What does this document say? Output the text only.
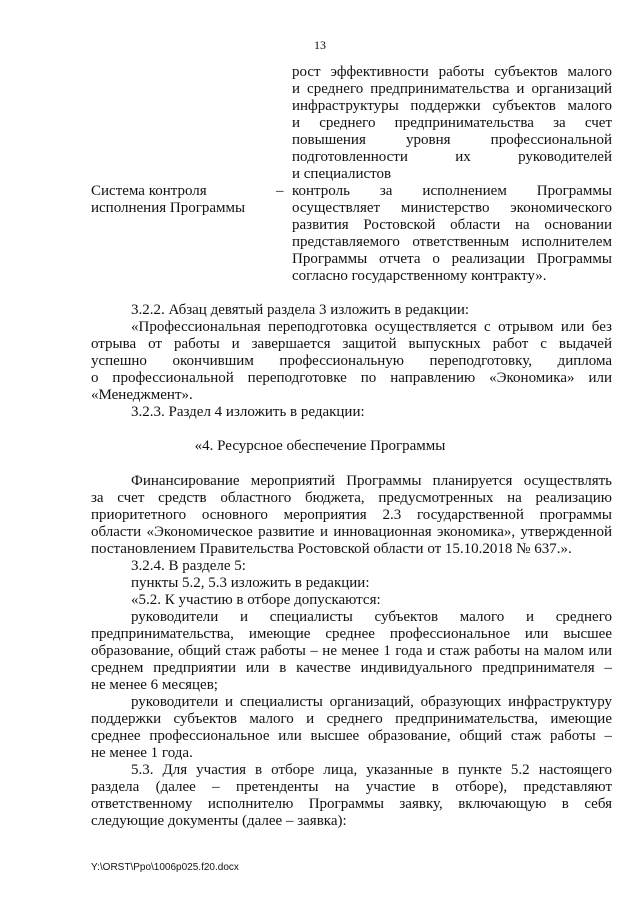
13
рост эффективности работы субъектов малого
и среднего предпринимательства и организаций
инфраструктуры поддержки субъектов малого
и среднего предпринимательства за счет
повышения уровня профессиональной
подготовленности их руководителей
и специалистов
Система контроля
исполнения Программы
– контроль за исполнением Программы
осуществляет министерство экономического
развития Ростовской области на основании
представляемого ответственным исполнителем
Программы отчета о реализации Программы
согласно государственному контракту».
3.2.2. Абзац девятый раздела 3 изложить в редакции:
«Профессиональная переподготовка осуществляется с отрывом или без
отрыва от работы и завершается защитой выпускных работ с выдачей
успешно окончившим профессиональную переподготовку, диплома
о профессиональной переподготовке по направлению «Экономика» или
«Менеджмент».
3.2.3. Раздел 4 изложить в редакции:
«4. Ресурсное обеспечение Программы
Финансирование мероприятий Программы планируется осуществлять
за счет средств областного бюджета, предусмотренных на реализацию
приоритетного основного мероприятия 2.3 государственной программы
области «Экономическое развитие и инновационная экономика», утвержденной
постановлением Правительства Ростовской области от 15.10.2018 № 637.».
3.2.4. В разделе 5:
пункты 5.2, 5.3 изложить в редакции:
«5.2. К участию в отборе допускаются:
руководители и специалисты субъектов малого и среднего
предпринимательства, имеющие среднее профессиональное или высшее
образование, общий стаж работы – не менее 1 года и стаж работы на малом или
среднем предприятии или в качестве индивидуального предпринимателя –
не менее 6 месяцев;
руководители и специалисты организаций, образующих инфраструктуру
поддержки субъектов малого и среднего предпринимательства, имеющие
среднее профессиональное или высшее образование, общий стаж работы –
не менее 1 года.
5.3. Для участия в отборе лица, указанные в пункте 5.2 настоящего
раздела (далее – претенденты на участие в отборе), представляют
ответственному исполнителю Программы заявку, включающую в себя
следующие документы (далее – заявка):
Y:\ORST\Ppo\1006p025.f20.docx
